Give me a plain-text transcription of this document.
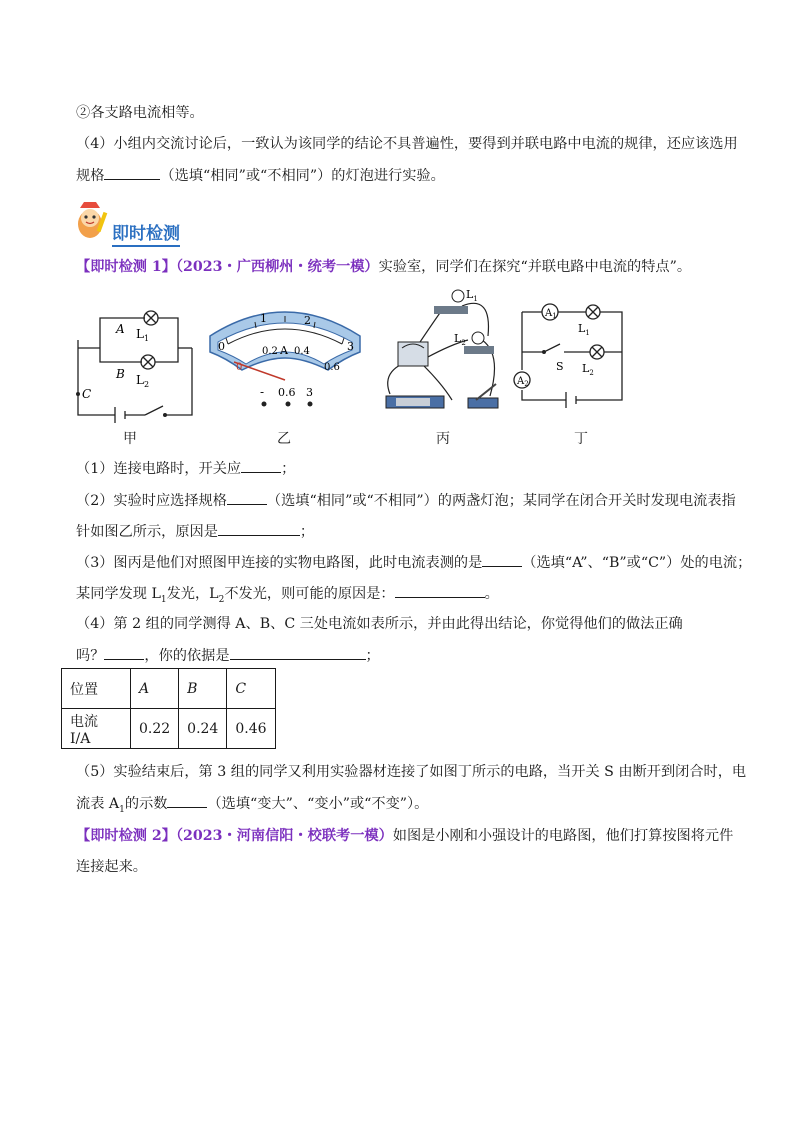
②各支路电流相等。
（4）小组内交流讨论后，一致认为该同学的结论不具普遍性，要得到并联电路中电流的规律，还应该选用
规格	（选填“相同”或“不相同”）的灯泡进行实验。
即时检测
【即时检测 1】（2023・广西柳州・统考一模）实验室，同学们在探究“并联电路中电流的特点”。
A
B
C
$L_1$
$L_2$
甲
1	2
0	3
0
0.2 0.4
0.6
A
- 0.6 3
乙
$L_1$
$L_2$
丙
$A_1$
$A_2$
$L_1$
$L_2$
S
丁
（1）连接电路时，开关应	；
（2）实验时应选择规格	（选填“相同”或“不相同”）的两盏灯泡；某同学在闭合开关时发现电流表指
针如图乙所示，原因是	；
（3）图丙是他们对照图甲连接的实物电路图，此时电流表测的是	（选填“A”、“B”或“C”）处的电流；
某同学发现 $L_1$发光，$L_2$不发光，则可能的原因是：	。
（4）第 2 组的同学测得 A、B、C 三处电流如表所示，并由此得出结论，你觉得他们的做法正确
吗？	，你的依据是	；
位置	A	B	C
电流 I/A	0.22	0.24	0.46
（5）实验结束后，第 3 组的同学又利用实验器材连接了如图丁所示的电路，当开关 S 由断开到闭合时，电
流表 $A_1$的示数	（选填“变大”、“变小”或“不变”）。
【即时检测 2】（2023・河南信阳・校联考一模）如图是小刚和小强设计的电路图，他们打算按图将元件
连接起来。
